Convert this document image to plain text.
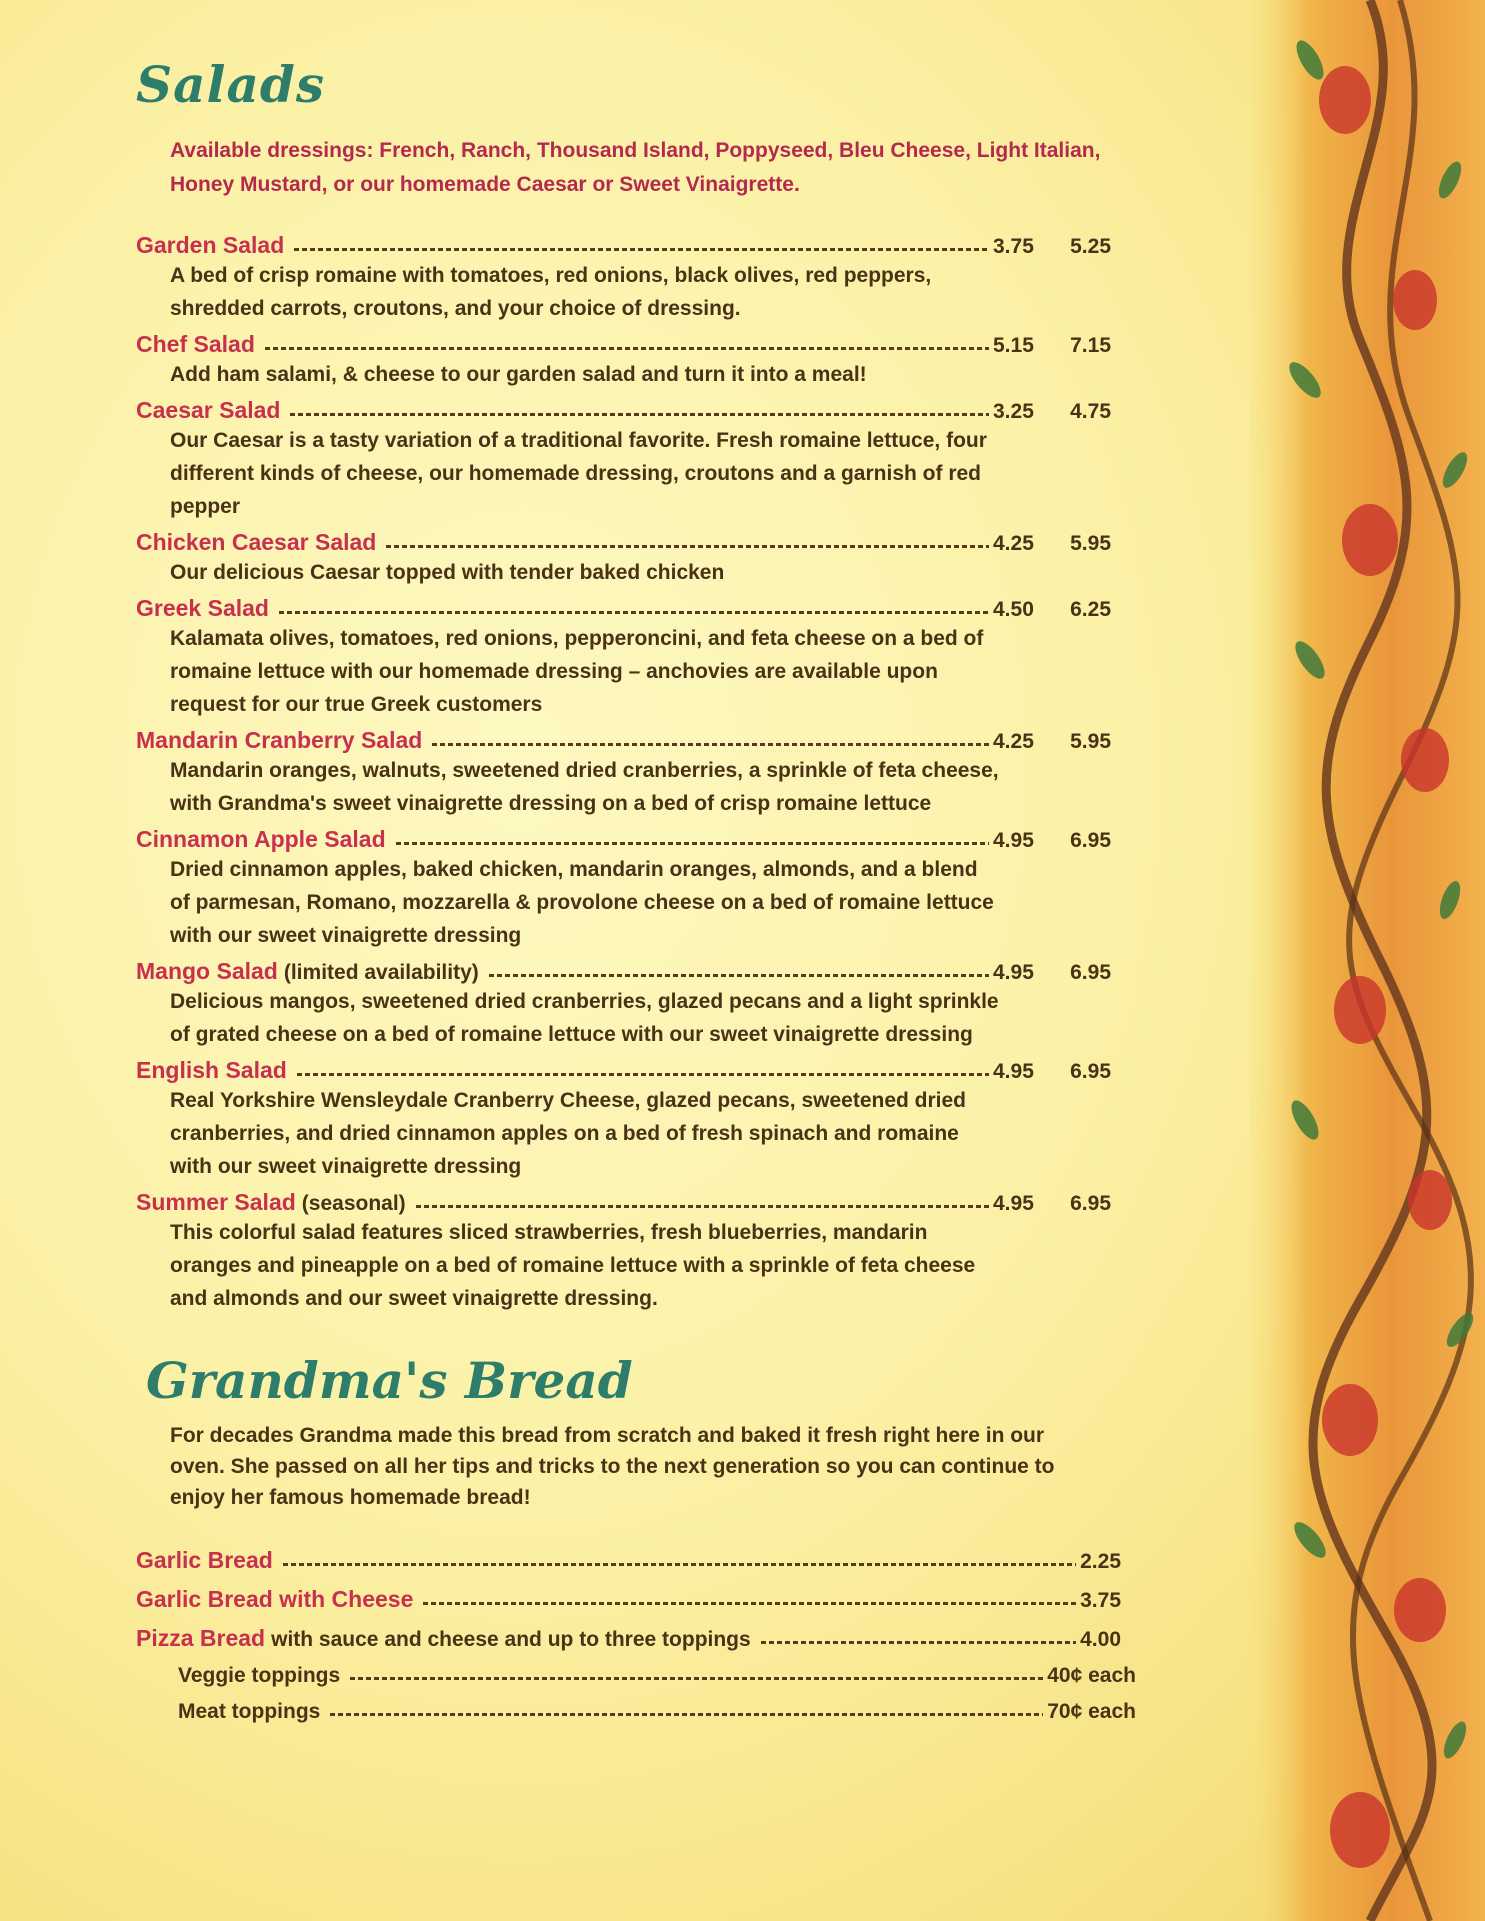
Salads
Available dressings: French, Ranch, Thousand Island, Poppyseed, Bleu Cheese, Light Italian, Honey Mustard, or our homemade Caesar or Sweet Vinaigrette.
Garden Salad	3.75	5.25
A bed of crisp romaine with tomatoes, red onions, black olives, red peppers, shredded carrots, croutons, and your choice of dressing.
Chef Salad	5.15	7.15
Add ham salami, & cheese to our garden salad and turn it into a meal!
Caesar Salad	3.25	4.75
Our Caesar is a tasty variation of a traditional favorite. Fresh romaine lettuce, four different kinds of cheese, our homemade dressing, croutons and a garnish of red pepper
Chicken Caesar Salad	4.25	5.95
Our delicious Caesar topped with tender baked chicken
Greek Salad	4.50	6.25
Kalamata olives, tomatoes, red onions, pepperoncini, and feta cheese on a bed of romaine lettuce with our homemade dressing – anchovies are available upon request for our true Greek customers
Mandarin Cranberry Salad	4.25	5.95
Mandarin oranges, walnuts, sweetened dried cranberries, a sprinkle of feta cheese, with Grandma's sweet vinaigrette dressing on a bed of crisp romaine lettuce
Cinnamon Apple Salad	4.95	6.95
Dried cinnamon apples, baked chicken, mandarin oranges, almonds, and a blend of parmesan, Romano, mozzarella & provolone cheese on a bed of romaine lettuce with our sweet vinaigrette dressing
Mango Salad (limited availability)	4.95	6.95
Delicious mangos, sweetened dried cranberries, glazed pecans and a light sprinkle of grated cheese on a bed of romaine lettuce with our sweet vinaigrette dressing
English Salad	4.95	6.95
Real Yorkshire Wensleydale Cranberry Cheese, glazed pecans, sweetened dried cranberries, and dried cinnamon apples on a bed of fresh spinach and romaine with our sweet vinaigrette dressing
Summer Salad (seasonal)	4.95	6.95
This colorful salad features sliced strawberries, fresh blueberries, mandarin oranges and pineapple on a bed of romaine lettuce with a sprinkle of feta cheese and almonds and our sweet vinaigrette dressing.
Grandma's Bread
For decades Grandma made this bread from scratch and baked it fresh right here in our oven. She passed on all her tips and tricks to the next generation so you can continue to enjoy her famous homemade bread!
Garlic Bread	2.25
Garlic Bread with Cheese	3.75
Pizza Bread with sauce and cheese and up to three toppings	4.00
Veggie toppings	40¢ each
Meat toppings	70¢ each
